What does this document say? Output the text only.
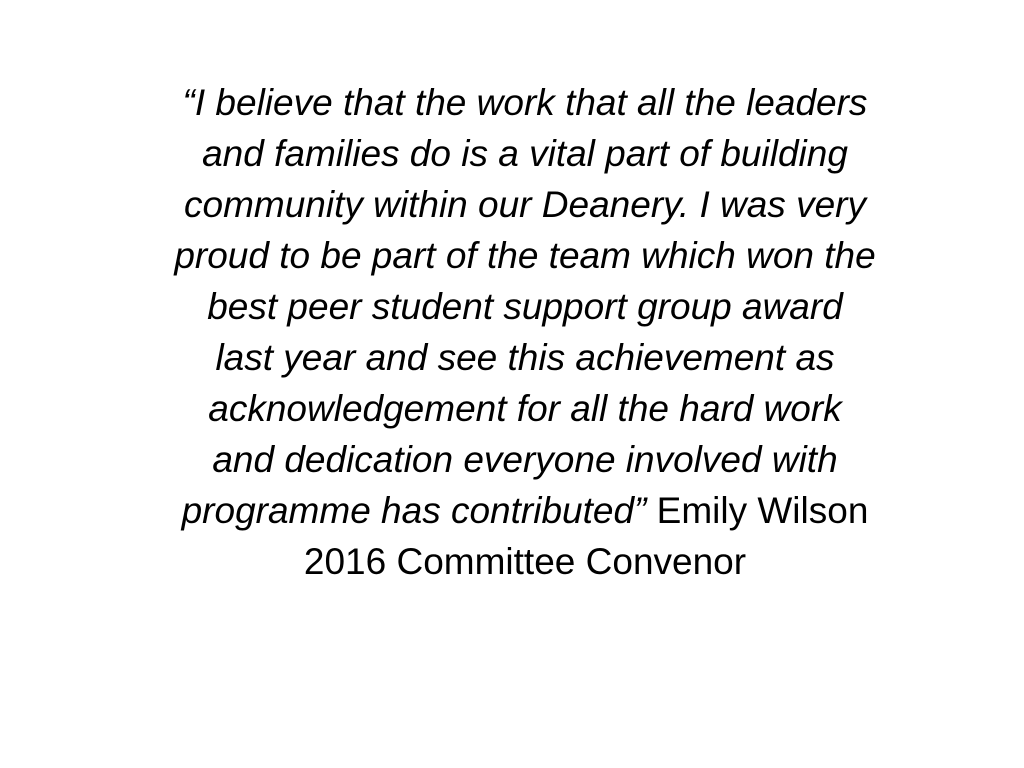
“I believe that the work that all the leaders
and families do is a vital part of building
community within our Deanery. I was very
proud to be part of the team which won the
best peer student support group award
last year and see this achievement as
acknowledgement for all the hard work
and dedication everyone involved with
programme has contributed” Emily Wilson
2016 Committee Convenor
